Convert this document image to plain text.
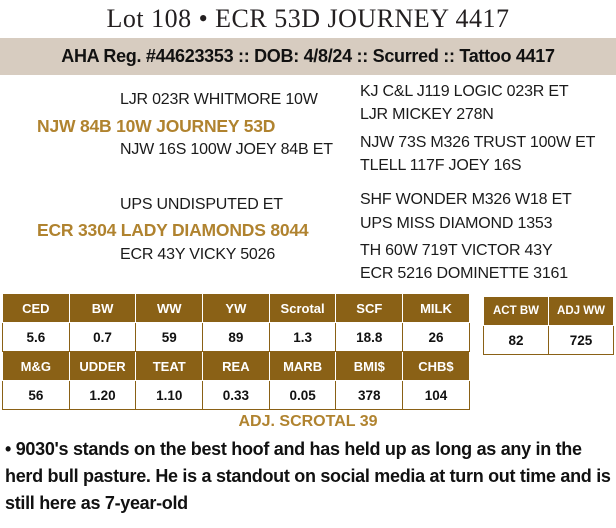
Lot 108 • ECR 53D JOURNEY 4417
AHA Reg. #44623353 :: DOB: 4/8/24 :: Scurred :: Tattoo 4417
LJR 023R WHITMORE 10W
NJW 84B 10W JOURNEY 53D
NJW 16S 100W JOEY 84B ET
KJ C&L J119 LOGIC 023R ET
LJR MICKEY 278N
NJW 73S M326 TRUST 100W ET
TLELL 117F JOEY 16S
UPS UNDISPUTED ET
ECR 3304 LADY DIAMONDS 8044
ECR 43Y VICKY 5026
SHF WONDER M326 W18 ET
UPS MISS DIAMOND 1353
TH 60W 719T VICTOR 43Y
ECR 5216 DOMINETTE 3161
CED	BW	WW	YW	Scrotal	SCF	MILK
5.6	0.7	59	89	1.3	18.8	26
M&G	UDDER	TEAT	REA	MARB	BMI$	CHB$
56	1.20	1.10	0.33	0.05	378	104
ACT BW	ADJ WW
82	725
ADJ. SCROTAL 39
• 9030's stands on the best hoof and has held up as long as any in the herd bull pasture. He is a standout on social media at turn out time and is still here as 7-year-old
